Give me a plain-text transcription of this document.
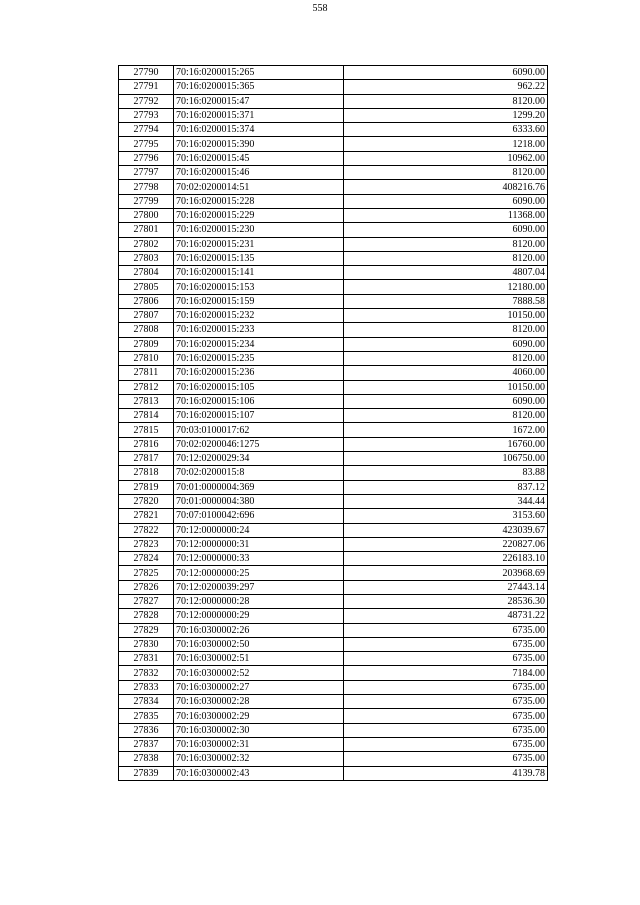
558
27790	70:16:0200015:265	6090.00
27791	70:16:0200015:365	962.22
27792	70:16:0200015:47	8120.00
27793	70:16:0200015:371	1299.20
27794	70:16:0200015:374	6333.60
27795	70:16:0200015:390	1218.00
27796	70:16:0200015:45	10962.00
27797	70:16:0200015:46	8120.00
27798	70:02:0200014:51	408216.76
27799	70:16:0200015:228	6090.00
27800	70:16:0200015:229	11368.00
27801	70:16:0200015:230	6090.00
27802	70:16:0200015:231	8120.00
27803	70:16:0200015:135	8120.00
27804	70:16:0200015:141	4807.04
27805	70:16:0200015:153	12180.00
27806	70:16:0200015:159	7888.58
27807	70:16:0200015:232	10150.00
27808	70:16:0200015:233	8120.00
27809	70:16:0200015:234	6090.00
27810	70:16:0200015:235	8120.00
27811	70:16:0200015:236	4060.00
27812	70:16:0200015:105	10150.00
27813	70:16:0200015:106	6090.00
27814	70:16:0200015:107	8120.00
27815	70:03:0100017:62	1672.00
27816	70:02:0200046:1275	16760.00
27817	70:12:0200029:34	106750.00
27818	70:02:0200015:8	83.88
27819	70:01:0000004:369	837.12
27820	70:01:0000004:380	344.44
27821	70:07:0100042:696	3153.60
27822	70:12:0000000:24	423039.67
27823	70:12:0000000:31	220827.06
27824	70:12:0000000:33	226183.10
27825	70:12:0000000:25	203968.69
27826	70:12:0200039:297	27443.14
27827	70:12:0000000:28	28536.30
27828	70:12:0000000:29	48731.22
27829	70:16:0300002:26	6735.00
27830	70:16:0300002:50	6735.00
27831	70:16:0300002:51	6735.00
27832	70:16:0300002:52	7184.00
27833	70:16:0300002:27	6735.00
27834	70:16:0300002:28	6735.00
27835	70:16:0300002:29	6735.00
27836	70:16:0300002:30	6735.00
27837	70:16:0300002:31	6735.00
27838	70:16:0300002:32	6735.00
27839	70:16:0300002:43	4139.78
